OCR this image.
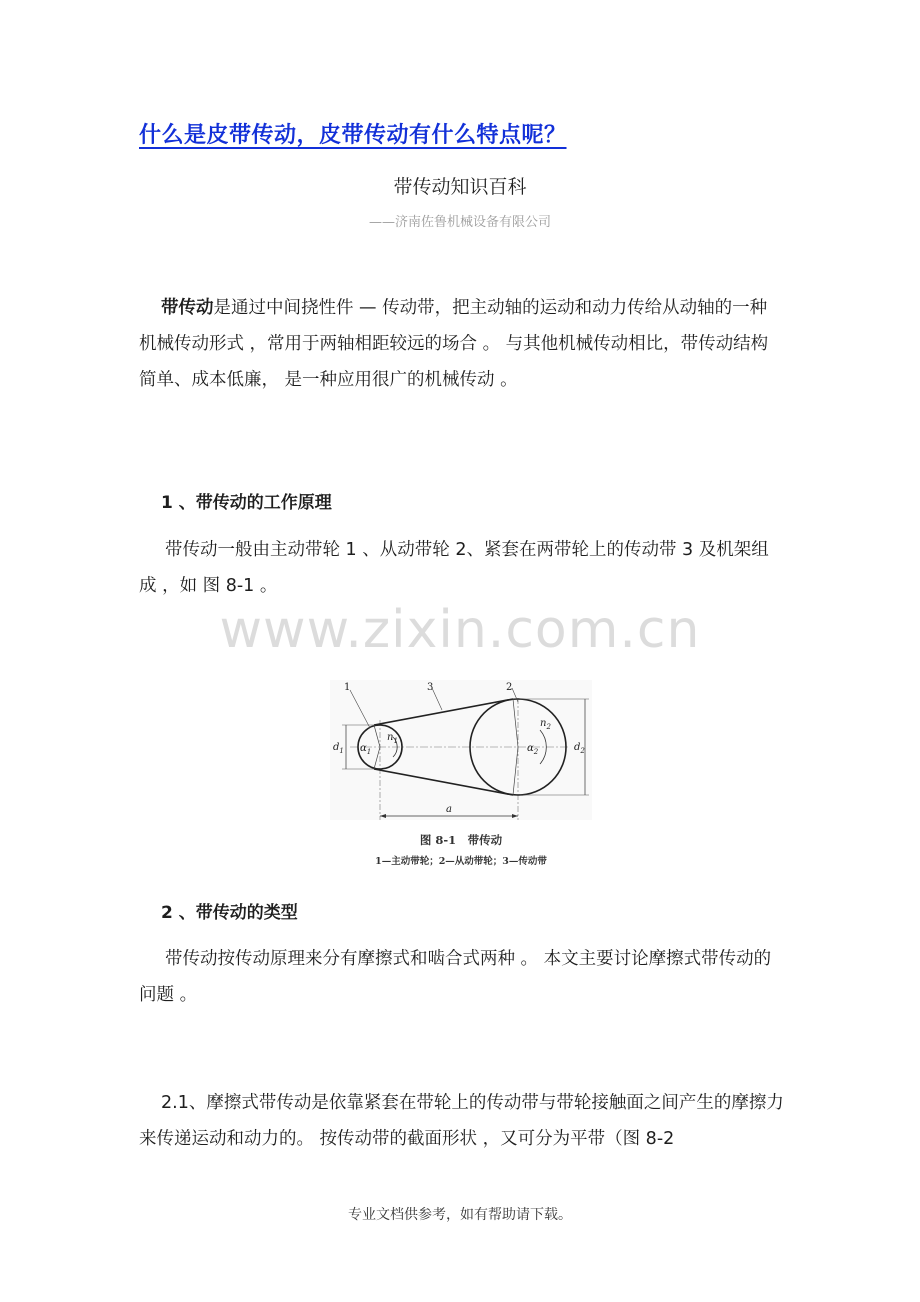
什么是皮带传动，皮带传动有什么特点呢？
带传动知识百科
——济南佐鲁机械设备有限公司

带传动是通过中间挠性件 — 传动带，把主动轴的运动和动力传给从动轴的一种机械传动形式 ，常用于两轴相距较远的场合 。 与其他机械传动相比，带传动结构简单、成本低廉， 是一种应用很广的机械传动 。

1 、带传动的工作原理

带传动一般由主动带轮 1 、从动带轮 2、紧套在两带轮上的传动带 3 及机架组成 ，如 图 8-1 。

www.zixin.com.cn
1	3	2
$d_1$	$d_2$
$\alpha_1$	$\alpha_2$
$n_1$
$n_2$
a
图 8-1　带传动
1—主动带轮；2—从动带轮；3—传动带
2 、带传动的类型

带传动按传动原理来分有摩擦式和啮合式两种 。 本文主要讨论摩擦式带传动的问题 。

2.1、摩擦式带传动是依靠紧套在带轮上的传动带与带轮接触面之间产生的摩擦力来传递运动和动力的。 按传动带的截面形状 ，又可分为平带（图 8-2

专业文档供参考，如有帮助请下载。
